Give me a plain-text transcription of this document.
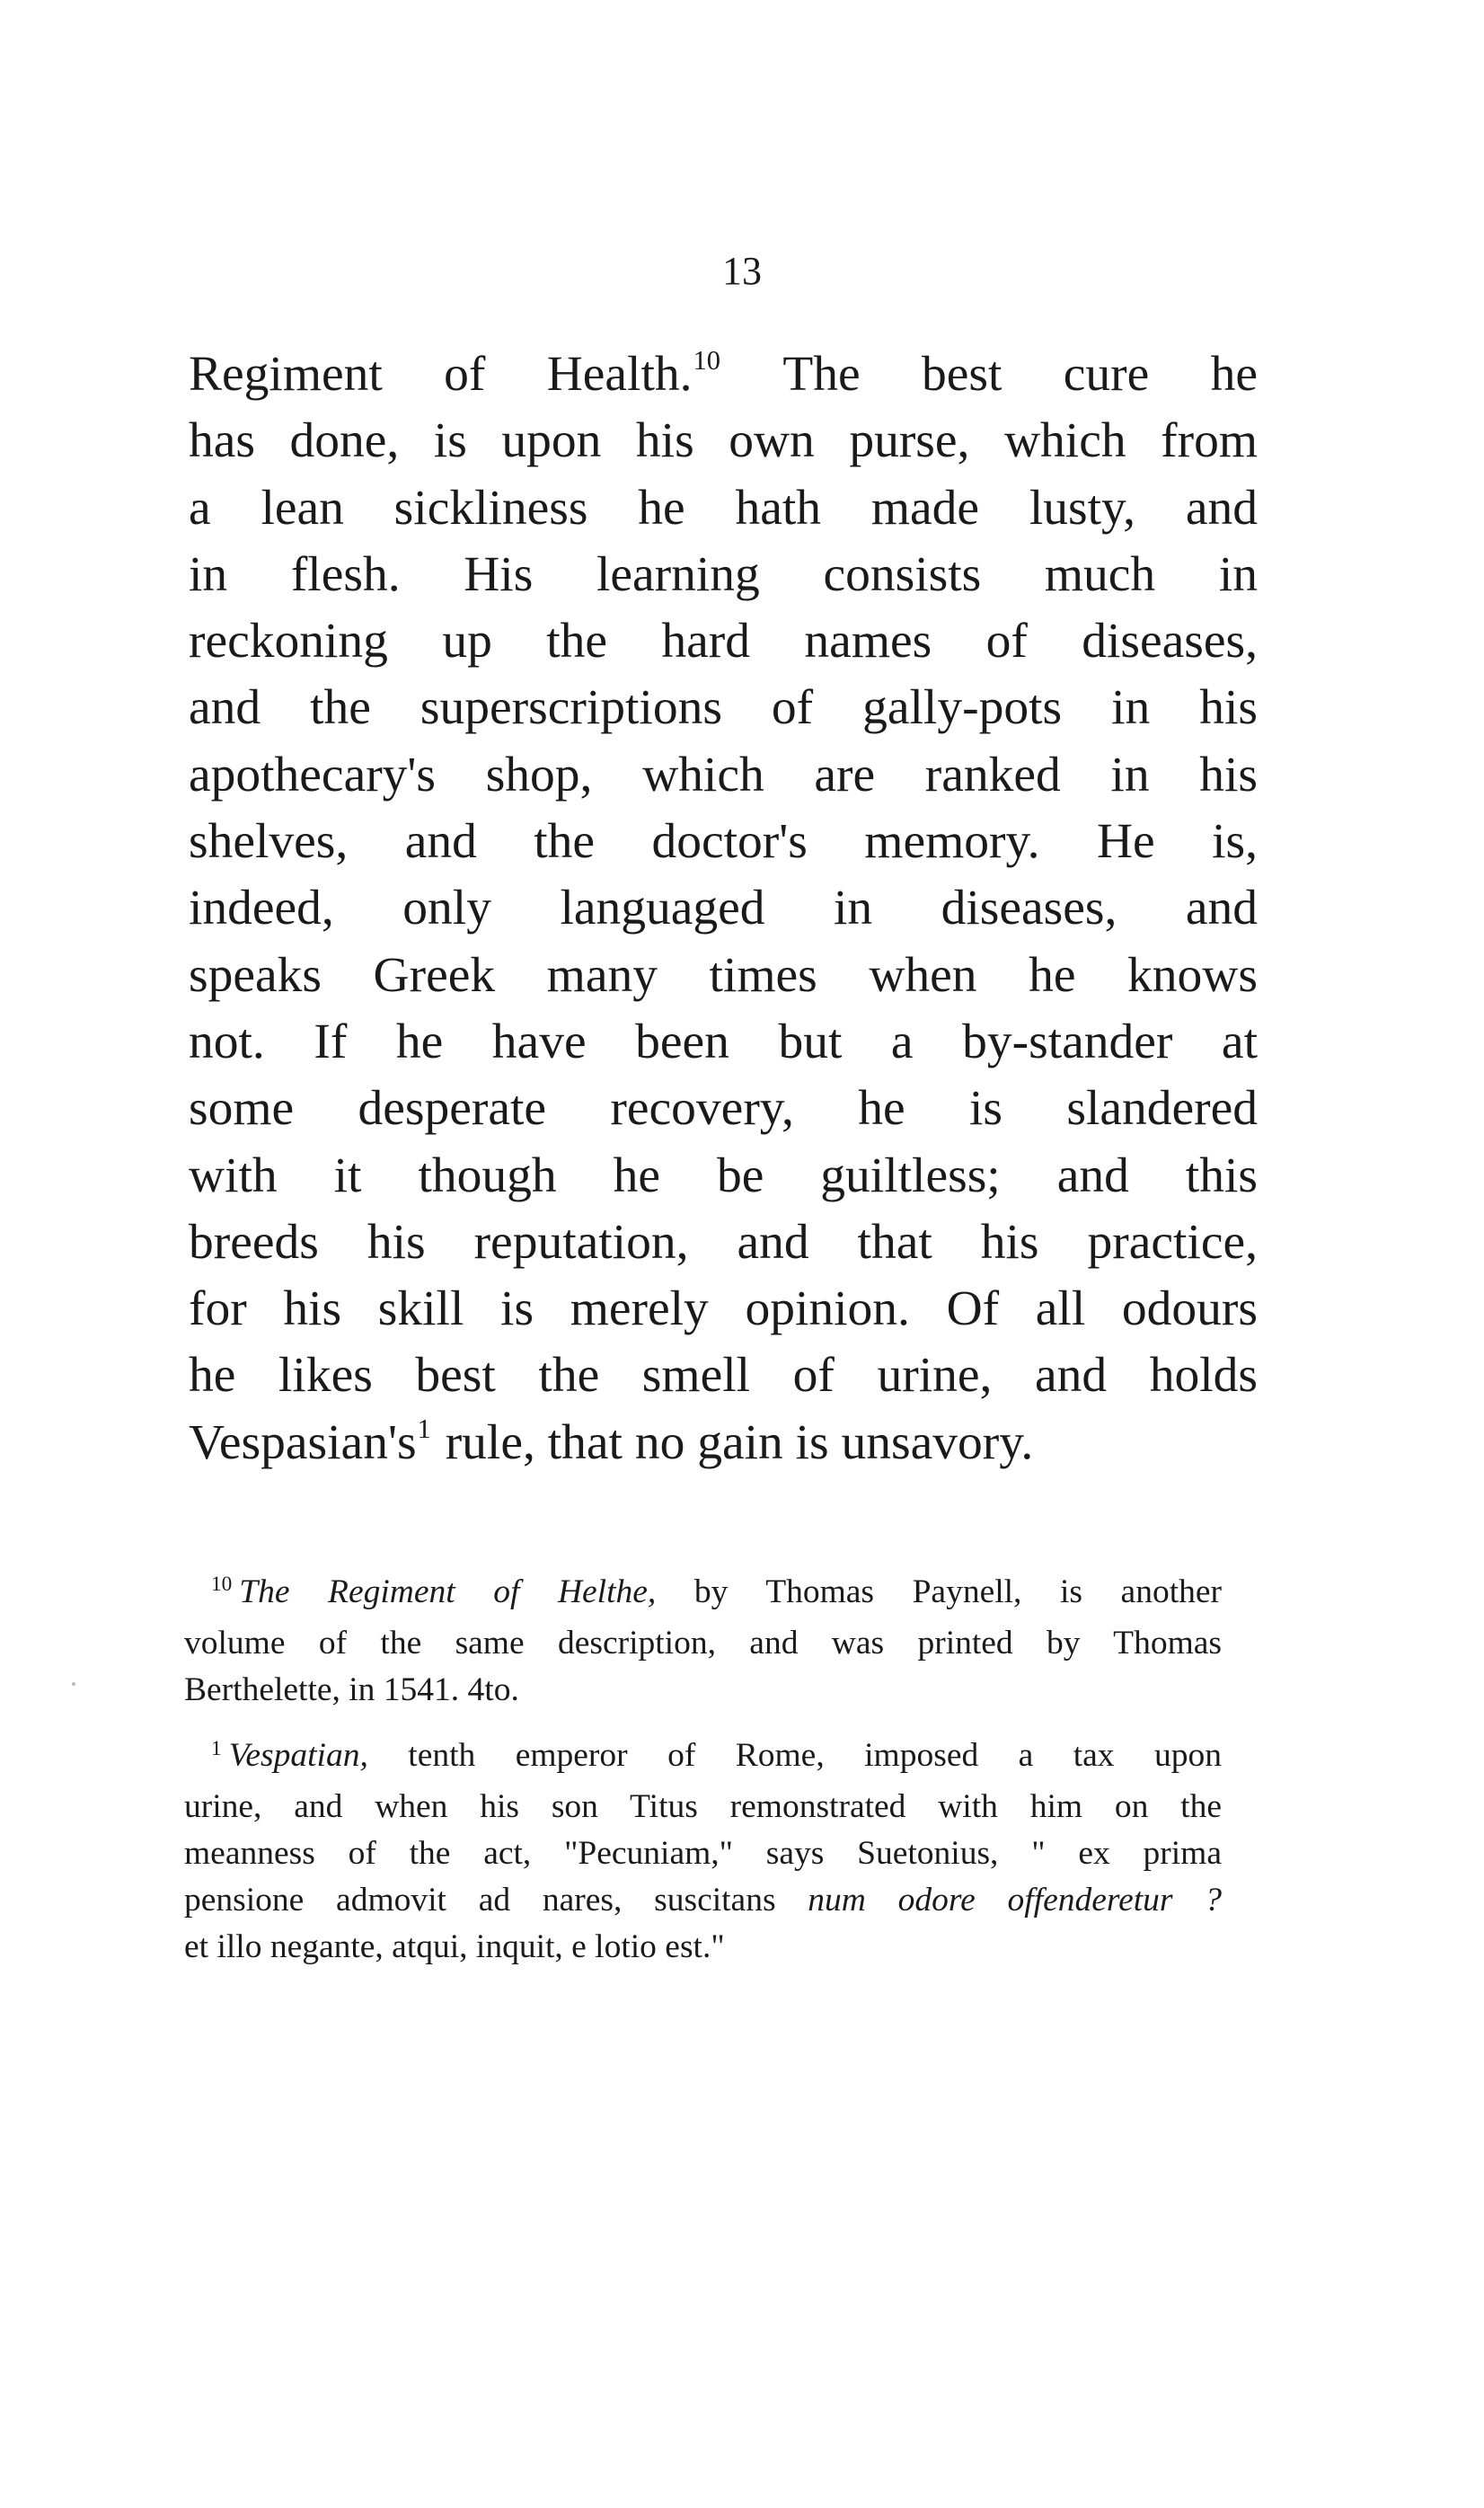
13
Regiment of Health.$^{10}$ The best cure he
has done, is upon his own purse, which from
a lean sickliness he hath made lusty, and
in flesh. His learning consists much in
reckoning up the hard names of diseases,
and the superscriptions of gally-pots in his
apothecary's shop, which are ranked in his
shelves, and the doctor's memory. He is,
indeed, only languaged in diseases, and
speaks Greek many times when he knows
not. If he have been but a by-stander at
some desperate recovery, he is slandered
with it though he be guiltless; and this
breeds his reputation, and that his practice,
for his skill is merely opinion. Of all odours
he likes best the smell of urine, and holds
Vespasian's$^1$ rule, that no gain is unsavory.
$^{10}$ The Regiment of Helthe, by Thomas Paynell, is another
volume of the same description, and was printed by Thomas
Berthelette, in 1541. 4to.
$^1$ Vespatian, tenth emperor of Rome, imposed a tax upon
urine, and when his son Titus remonstrated with him on the
meanness of the act, "Pecuniam," says Suetonius, " ex prima
pensione admovit ad nares, suscitans num odore offenderetur ?
et illo negante, atqui, inquit, e lotio est."
